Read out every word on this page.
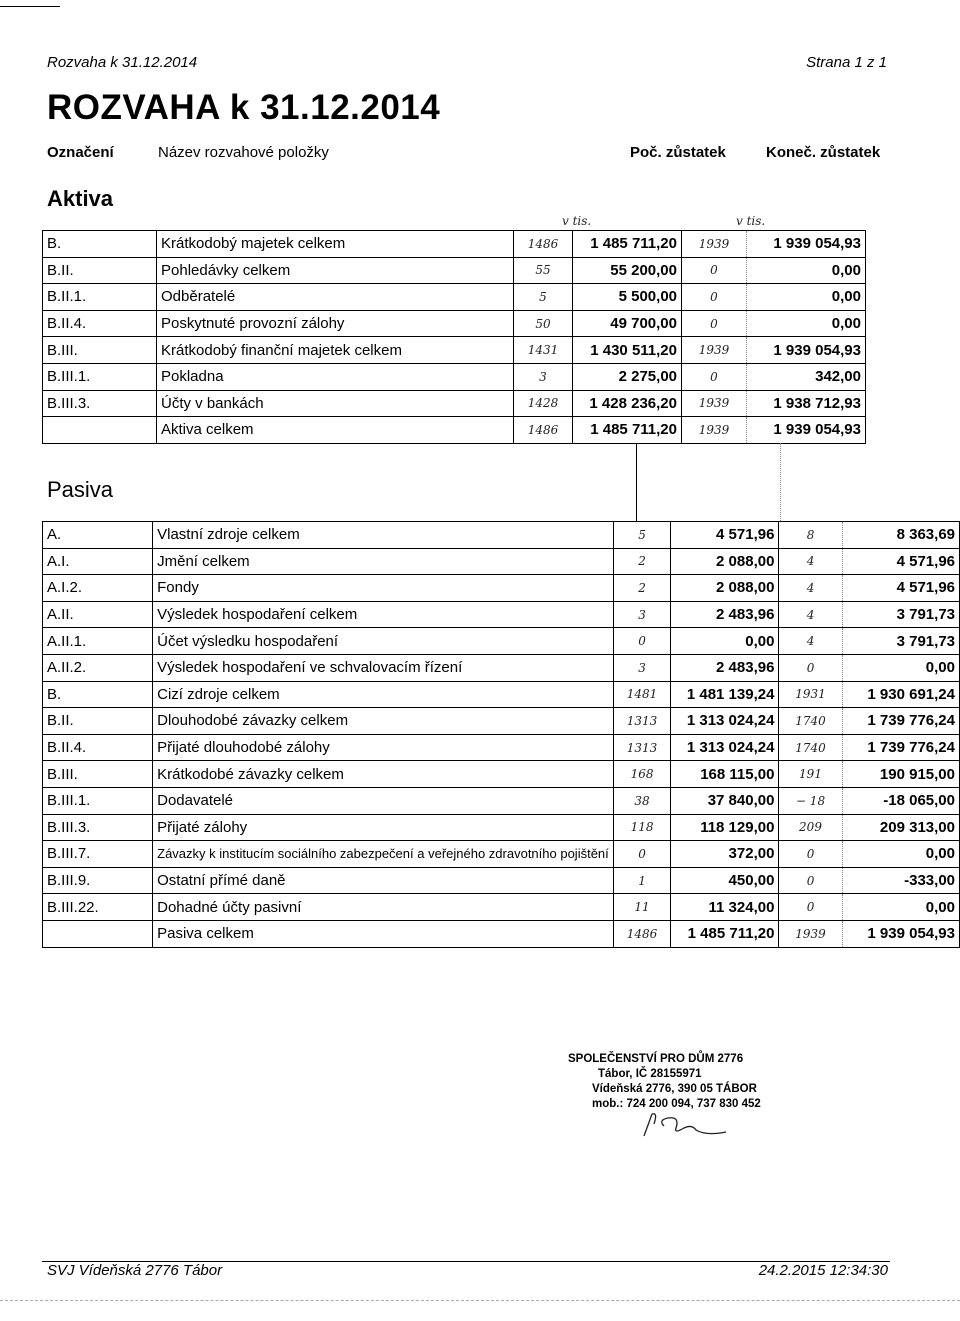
Rozvaha k 31.12.2014	Strana 1 z 1
ROZVAHA k 31.12.2014
Označení	Název rozvahové položky	Poč. zůstatek	Koneč. zůstatek
Aktiva
v tis.	v tis.
B.	Krátkodobý majetek celkem	1486	1 485 711,20	1939	1 939 054,93
B.II.	Pohledávky celkem	55	55 200,00	0	0,00
B.II.1.	Odběratelé	5	5 500,00	0	0,00
B.II.4.	Poskytnuté provozní zálohy	50	49 700,00	0	0,00
B.III.	Krátkodobý finanční majetek celkem	1431	1 430 511,20	1939	1 939 054,93
B.III.1.	Pokladna	3	2 275,00	0	342,00
B.III.3.	Účty v bankách	1428	1 428 236,20	1939	1 938 712,93
	Aktiva celkem	1486	1 485 711,20	1939	1 939 054,93
Pasiva
A.	Vlastní zdroje celkem	5	4 571,96	8	8 363,69
A.I.	Jmění celkem	2	2 088,00	4	4 571,96
A.I.2.	Fondy	2	2 088,00	4	4 571,96
A.II.	Výsledek hospodaření celkem	3	2 483,96	4	3 791,73
A.II.1.	Účet výsledku hospodaření	0	0,00	4	3 791,73
A.II.2.	Výsledek hospodaření ve schvalovacím řízení	3	2 483,96	0	0,00
B.	Cizí zdroje celkem	1481	1 481 139,24	1931	1 930 691,24
B.II.	Dlouhodobé závazky celkem	1313	1 313 024,24	1740	1 739 776,24
B.II.4.	Přijaté dlouhodobé zálohy	1313	1 313 024,24	1740	1 739 776,24
B.III.	Krátkodobé závazky celkem	168	168 115,00	191	190 915,00
B.III.1.	Dodavatelé	38	37 840,00	− 18	-18 065,00
B.III.3.	Přijaté zálohy	118	118 129,00	209	209 313,00
B.III.7.	Závazky k institucím sociálního zabezpečení a veřejného zdravotního pojištění	0	372,00	0	0,00
B.III.9.	Ostatní přímé daně	1	450,00	0	-333,00
B.III.22.	Dohadné účty pasivní	11	11 324,00	0	0,00
	Pasiva celkem	1486	1 485 711,20	1939	1 939 054,93
SPOLEČENSTVÍ PRO DŮM 2776
Tábor, IČ 28155971
Vídeňská 2776, 390 05 TÁBOR
mob.: 724 200 094, 737 830 452
SVJ Vídeňská 2776 Tábor	24.2.2015 12:34:30
